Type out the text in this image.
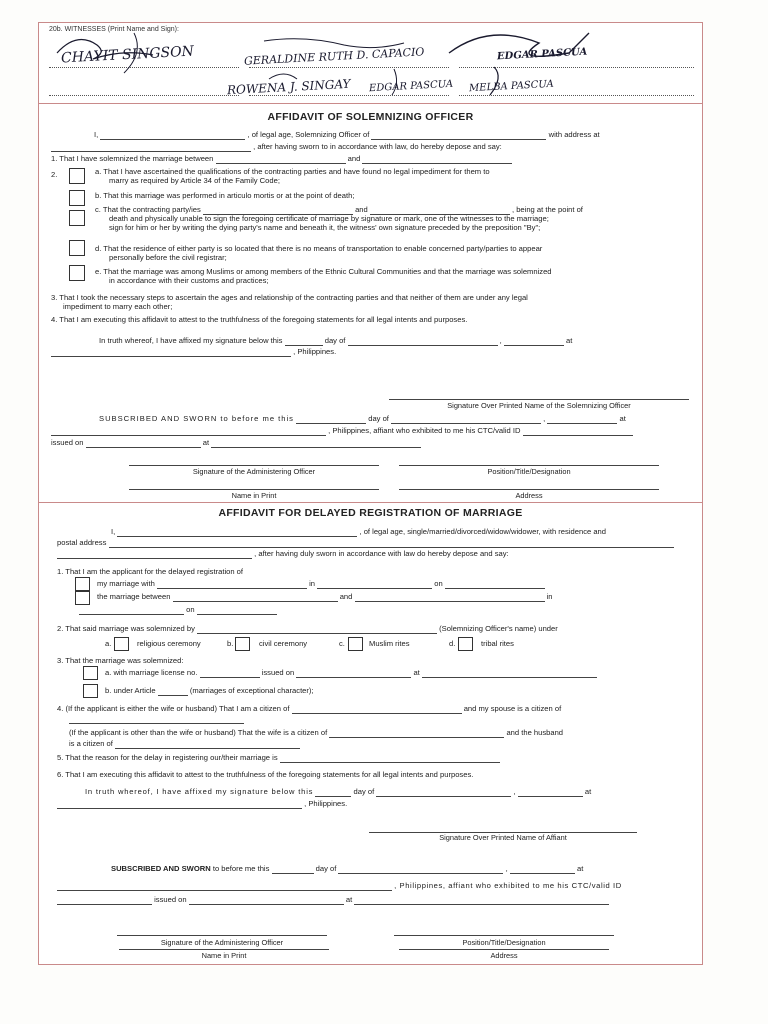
20b. WITNESSES (Print Name and Sign):
CHAYIT SINGSON	GERALDINE RUTH D. CAPACIO	EDGAR PASCUA
ROWENA J. SINGAY EDGAR PASCUA MELBA PASCUA
AFFIDAVIT OF SOLEMNIZING OFFICER
I,	, of legal age, Solemnizing Officer of	with address at
, after having sworn to in accordance with law, do hereby depose and say:
1. That I have solemnized the marriage between	and
2.	a. That I have ascertained the qualifications of the contracting parties and have found no legal impediment for them to
marry as required by Article 34 of the Family Code;
b. That this marriage was performed in articulo mortis or at the point of death;
c. That the contracting party/ies	and	, being at the point of
death and physically unable to sign the foregoing certificate of marriage by signature or mark, one of the witnesses to the marriage;
sign for him or her by writing the dying party's name and beneath it, the witness' own signature preceded by the preposition "By";
d. That the residence of either party is so located that there is no means of transportation to enable concerned party/parties to appear
personally before the civil registrar;
e. That the marriage was among Muslims or among members of the Ethnic Cultural Communities and that the marriage was solemnized
in accordance with their customs and practices;
3. That I took the necessary steps to ascertain the ages and relationship of the contracting parties and that neither of them are under any legal
impediment to marry each other;
4. That I am executing this affidavit to attest to the truthfulness of the foregoing statements for all legal intents and purposes.
In truth whereof, I have affixed my signature below this	day of	,	at
, Philippines.
Signature Over Printed Name of the Solemnizing Officer
SUBSCRIBED AND SWORN to before me this	day of	,	at
, Philippines, affiant who exhibited to me his CTC/valid ID
issued on	at
Signature of the Administering Officer	Position/Title/Designation
Name in Print	Address
AFFIDAVIT FOR DELAYED REGISTRATION OF MARRIAGE
I,	, of legal age, single/married/divorced/widow/widower, with residence and
postal address
, after having duly sworn in accordance with law do hereby depose and say:
1. That I am the applicant for the delayed registration of
my marriage with	in	on
the marriage between	and	in
on
2. That said marriage was solemnized by	(Solemnizing Officer's name) under
a.	religious ceremony	b.	civil ceremony	c.	Muslim rites	d.	tribal rites
3. That the marriage was solemnized:
a. with marriage license no.	issued on	at
b. under Article	(marriages of exceptional character);
4. (If the applicant is either the wife or husband) That I am a citizen of	and my spouse is a citizen of
(If the applicant is other than the wife or husband) That the wife is a citizen of	and the husband
is a citizen of
5. That the reason for the delay in registering our/their marriage is
6. That I am executing this affidavit to attest to the truthfulness of the foregoing statements for all legal intents and purposes.
In truth whereof, I have affixed my signature below this	day of	,	at
, Philippines.
Signature Over Printed Name of Affiant
SUBSCRIBED AND SWORN to before me this	day of	,	at
, Philippines, affiant who exhibited to me his CTC/valid ID
issued on	at
Signature of the Administering Officer	Position/Title/Designation
Name in Print	Address
